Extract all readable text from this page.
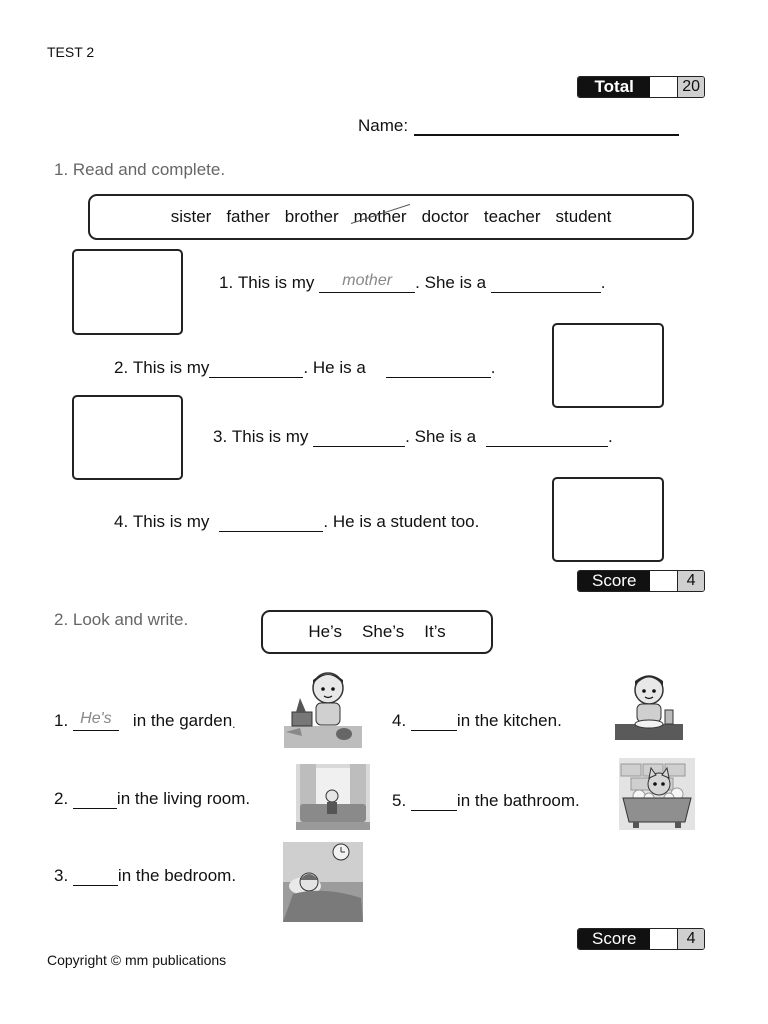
TEST 2
Total	20
Name:
1. Read and complete.
sister father brother mother doctor teacher student
1.
This is my
	mother	. She is a
	.
2.
This is my	. He is a	.
3.
This is my
	. She is a	.
4.
This is my	. He is a student too.
Score	4
2. Look and write.
He’s She’s It’s
1.
He's	in the garden .
2.
	in the living room.
3.
	in the bedroom.
4.
	in the kitchen.
5.
	in the bathroom.
Score	4
Copyright © mm publications
